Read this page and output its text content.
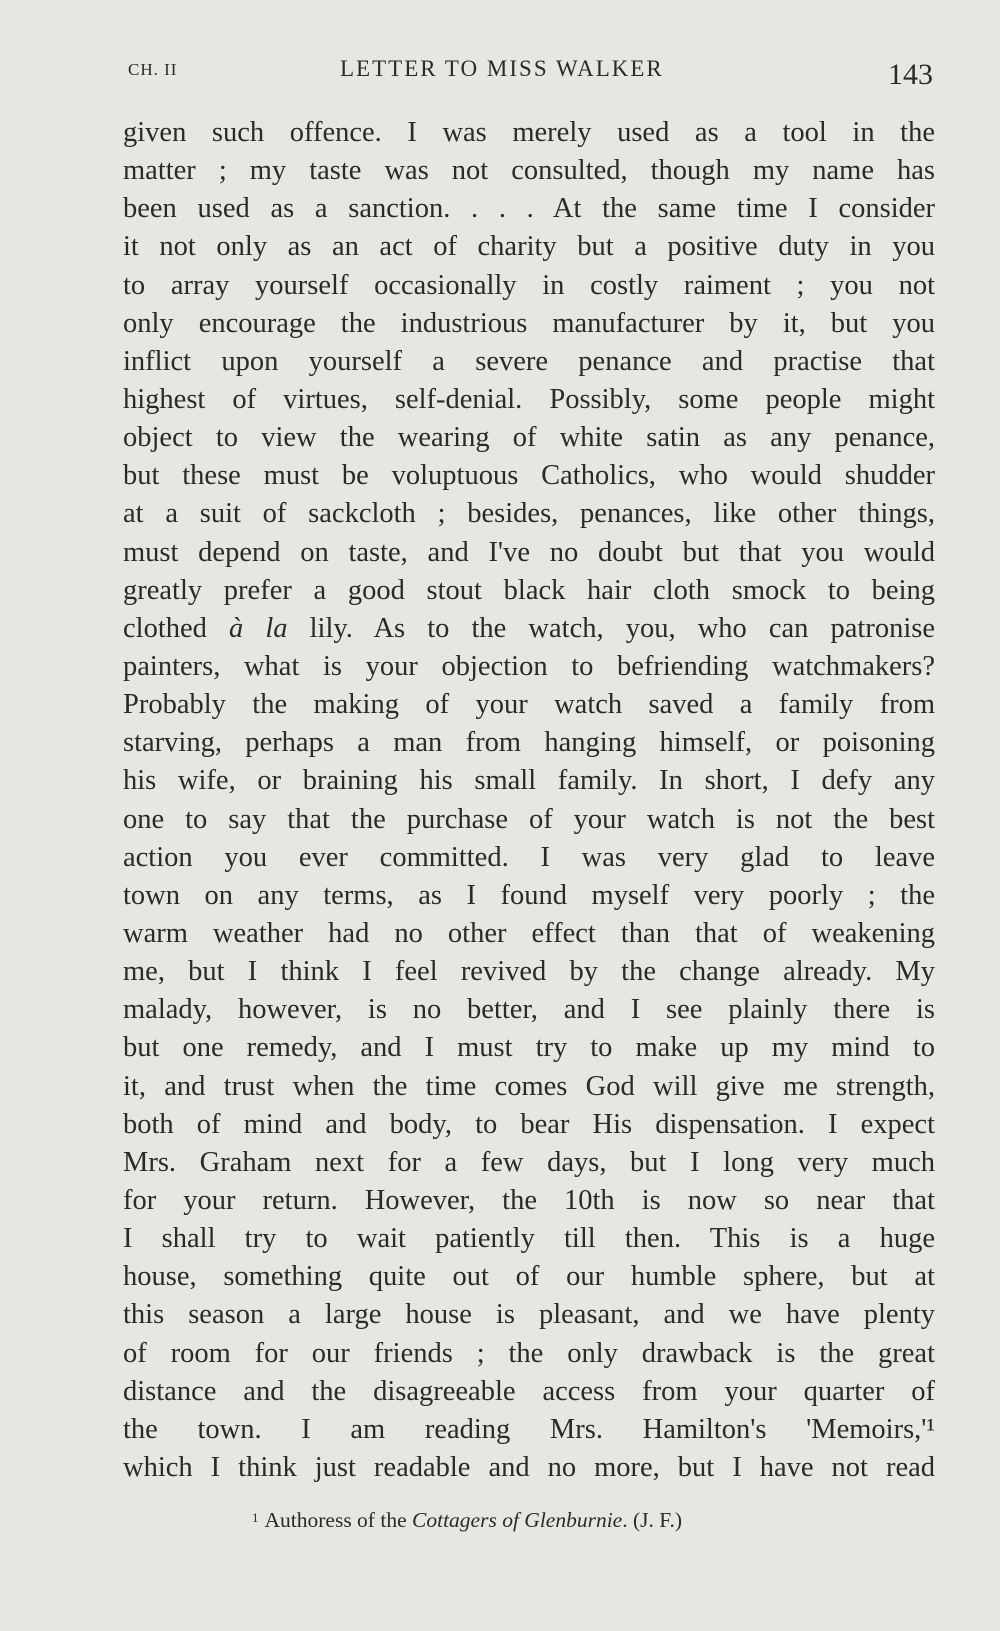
CH. II	LETTER TO MISS WALKER	143
given such offence. I was merely used as a tool in the
matter ; my taste was not consulted, though my name has
been used as a sanction. . . . At the same time I consider
it not only as an act of charity but a positive duty in you
to array yourself occasionally in costly raiment ; you not
only encourage the industrious manufacturer by it, but you
inflict upon yourself a severe penance and practise that
highest of virtues, self-denial. Possibly, some people might
object to view the wearing of white satin as any penance,
but these must be voluptuous Catholics, who would shudder
at a suit of sackcloth ; besides, penances, like other things,
must depend on taste, and I've no doubt but that you would
greatly prefer a good stout black hair cloth smock to being
clothed à la lily. As to the watch, you, who can patronise
painters, what is your objection to befriending watchmakers?
Probably the making of your watch saved a family from
starving, perhaps a man from hanging himself, or poisoning
his wife, or braining his small family. In short, I defy any
one to say that the purchase of your watch is not the best
action you ever committed. I was very glad to leave
town on any terms, as I found myself very poorly ; the
warm weather had no other effect than that of weakening
me, but I think I feel revived by the change already. My
malady, however, is no better, and I see plainly there is
but one remedy, and I must try to make up my mind to
it, and trust when the time comes God will give me strength,
both of mind and body, to bear His dispensation. I expect
Mrs. Graham next for a few days, but I long very much
for your return. However, the 10th is now so near that
I shall try to wait patiently till then. This is a huge
house, something quite out of our humble sphere, but at
this season a large house is pleasant, and we have plenty
of room for our friends ; the only drawback is the great
distance and the disagreeable access from your quarter of
the town. I am reading Mrs. Hamilton's 'Memoirs,'¹
which I think just readable and no more, but I have not read
$^1$ Authoress of the Cottagers of Glenburnie. (J. F.)
